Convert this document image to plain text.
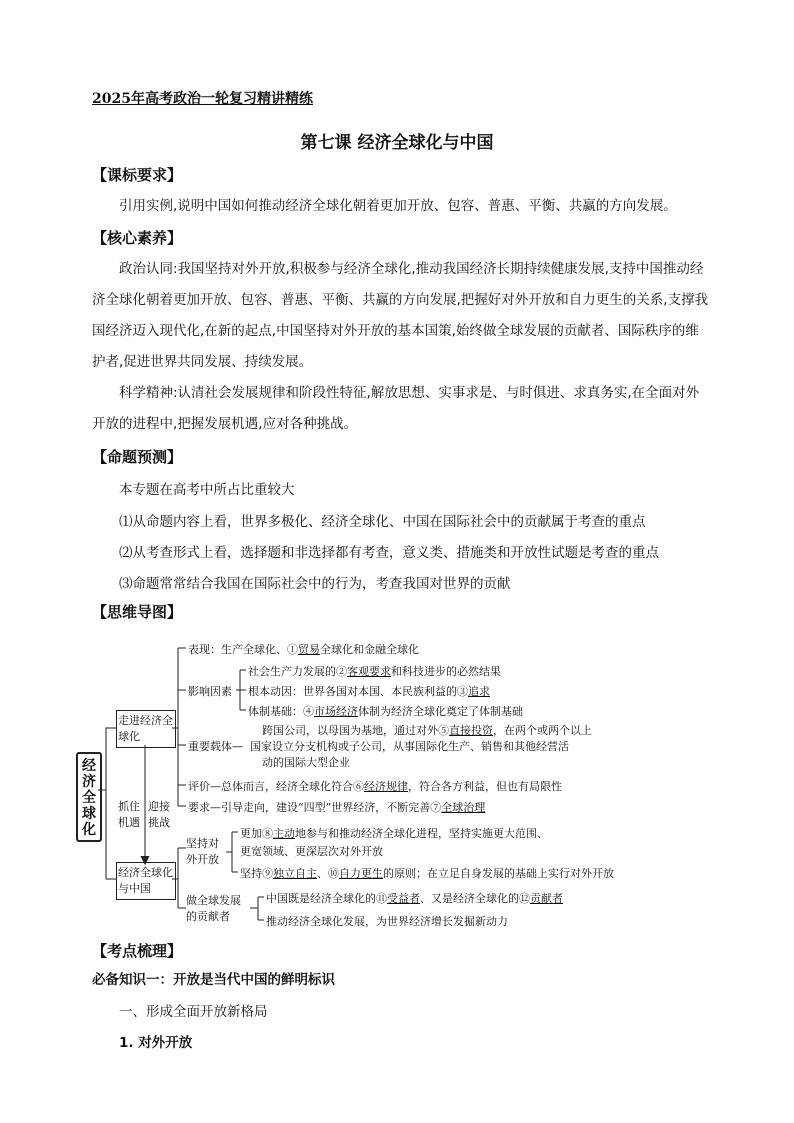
2025年高考政治一轮复习精讲精练
第七课 经济全球化与中国
【课标要求】

引用实例,说明中国如何推动经济全球化朝着更加开放、包容、普惠、平衡、共赢的方向发展。

【核心素养】

政治认同:我国坚持对外开放,积极参与经济全球化,推动我国经济长期持续健康发展,支持中国推动经济全球化朝着更加开放、包容、普惠、平衡、共赢的方向发展,把握好对外开放和自力更生的关系,支撑我国经济迈入现代化,在新的起点,中国坚持对外开放的基本国策,始终做全球发展的贡献者、国际秩序的维护者,促进世界共同发展、持续发展。

科学精神:认清社会发展规律和阶段性特征,解放思想、实事求是、与时俱进、求真务实,在全面对外开放的进程中,把握发展机遇,应对各种挑战。

【命题预测】
本专题在高考中所占比重较大
⑴从命题内容上看，世界多极化、经济全球化、中国在国际社会中的贡献属于考查的重点
⑵从考查形式上看，选择题和非选择都有考查，意义类、措施类和开放性试题是考查的重点
⑶命题常常结合我国在国际社会中的行为，考查我国对世界的贡献
【思维导图】
经济全球化
走进经济全球化
经济全球化与中国
抓住机遇
迎接挑战
表现：生产全球化、①贸易全球化和金融全球化
影响因素
社会生产力发展的②客观要求和科技进步的必然结果
根本动因：世界各国对本国、本民族利益的③追求
体制基础：④市场经济体制为经济全球化奠定了体制基础
重要载体—
跨国公司，以母国为基地，通过对外⑤直接投资，在两个或两个以上
国家设立分支机构或子公司，从事国际化生产、销售和其他经营活
动的国际大型企业
评价—总体而言，经济全球化符合⑥经济规律，符合各方利益，但也有局限性
要求—引导走向，建设“四型”世界经济，不断完善⑦全球治理
坚持对外开放
更加⑧主动地参与和推动经济全球化进程，坚持实施更大范围、
更宽领域、更深层次对外开放
坚持⑨独立自主、⑩自力更生的原则；在立足自身发展的基础上实行对外开放
做全球发展的贡献者
中国既是经济全球化的⑪受益者、又是经济全球化的⑫贡献者
推动经济全球化发展，为世界经济增长发掘新动力
【考点梳理】
必备知识一：开放是当代中国的鲜明标识
一、形成全面开放新格局
1. 对外开放
